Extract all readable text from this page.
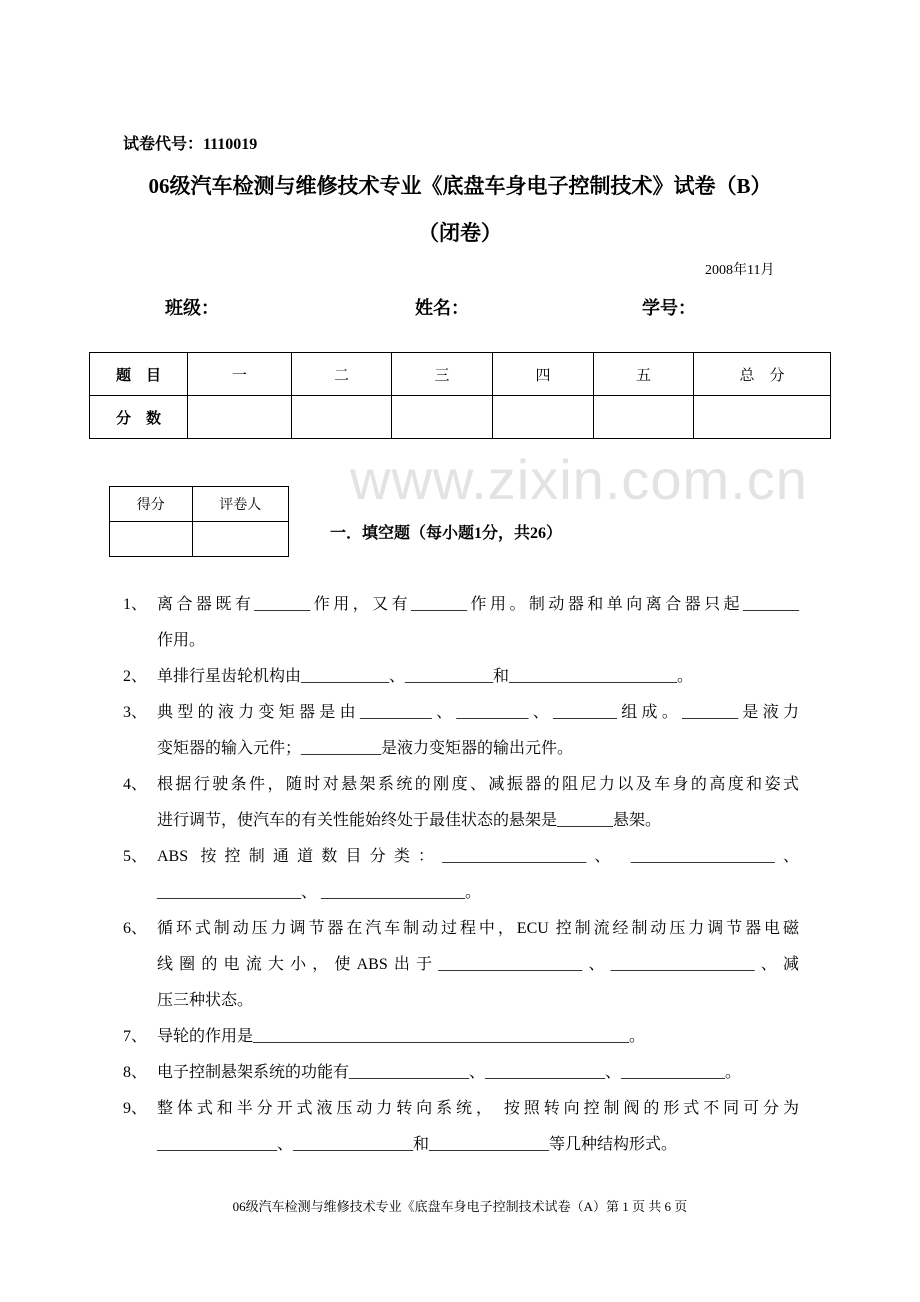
www.zixin.com.cn
试卷代号：1110019
06级汽车检测与维修技术专业《底盘车身电子控制技术》试卷（B）
（闭卷）
2008年11月
班级：	姓名：	学号：
题　目	一	二	三	四	五	总　分
分　数						
得分	评卷人

一．填空题（每小题1分，共26）
1、 离合器既有_______作用，又有_______作用。制动器和单向离合器只起_______
作用。
2、 单排行星齿轮机构由___________、___________和_____________________。
3、 典型的液力变矩器是由_________、_________、________组成。_______是液力
变矩器的输入元件；__________是液力变矩器的输出元件。
4、 根据行驶条件，随时对悬架系统的刚度、减振器的阻尼力以及车身的高度和姿式
进行调节，使汽车的有关性能始终处于最佳状态的悬架是_______悬架。
5、 ABS 按控制通道数目分类：__________________、 __________________、
__________________、 __________________。
6、 循环式制动压力调节器在汽车制动过程中，ECU 控制流经制动压力调节器电磁
线圈的电流大小，使ABS出于__________________、__________________、减
压三种状态。
7、 导轮的作用是_______________________________________________。
8、 电子控制悬架系统的功能有_______________、_______________、_____________。
9、 整体式和半分开式液压动力转向系统， 按照转向控制阀的形式不同可分为
_______________、_______________和_______________等几种结构形式。
06级汽车检测与维修技术专业《底盘车身电子控制技术试卷（A）第 1 页 共 6 页
